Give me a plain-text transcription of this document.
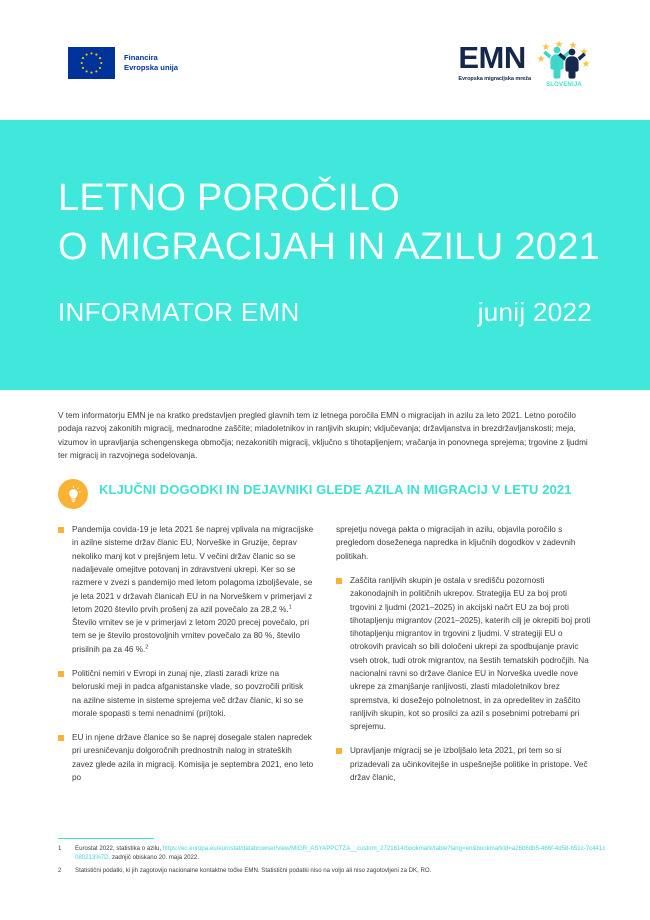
Financira
Evropska unija	EMN
Evropska migracijska mreža
SLOVENIJA
LETNO POROČILO
O MIGRACIJAH IN AZILU 2021
INFORMATOR EMN	junij 2022

V tem informatorju EMN je na kratko predstavljen pregled glavnih tem iz letnega poročila EMN o migracijah in azilu za leto 2021. Letno poročilo podaja razvoj zakonitih migracij, mednarodne zaščite; mladoletnikov in ranljivih skupin; vključevanja; državljanstva in brezdržavljanskosti; meja, vizumov in upravljanja schengenskega območja; nezakonitih migracij, vključno s tihotapljenjem; vračanja in ponovnega sprejema; trgovine z ljudmi ter migracij in razvojnega sodelovanja.

KLJUČNI DOGODKI IN DEJAVNIKI GLEDE AZILA IN MIGRACIJ V LETU 2021
Pandemija covida-19 je leta 2021 še naprej vplivala na migracijske in azilne sisteme držav članic EU, Norveške in Gruzije, čeprav nekoliko manj kot v prejšnjem letu. V večini držav članic so se nadaljevale omejitve potovanj in zdravstveni ukrepi. Ker so se razmere v zvezi s pandemijo med letom polagoma izboljševale, se je leta 2021 v državah članicah EU in na Norveškem v primerjavi z letom 2020 število prvih prošenj za azil povečalo za 28,2 %.$^1$ Število vrnitev se je v primerjavi z letom 2020 precej povečalo, pri tem se je število prostovoljnih vrnitev povečalo za 80 %, število prisilnih pa za 46 %.$^2$
Politični nemiri v Evropi in zunaj nje, zlasti zaradi krize na beloruski meji in padca afganistanske vlade, so povzročili pritisk na azilne sisteme in sisteme sprejema več držav članic, ki so se morale spopasti s temi nenadnimi (pri)toki.
EU in njene države članice so še naprej dosegale stalen napredek pri uresničevanju dolgoročnih prednostnih nalog in strateških zavez glede azila in migracij. Komisija je septembra 2021, eno leto po
sprejetju novega pakta o migracijah in azilu, objavila poročilo s pregledom doseženega napredka in ključnih dogodkov v zadevnih politikah.
Zaščita ranljivih skupin je ostala v središču pozornosti zakonodajnih in političnih ukrepov. Strategija EU za boj proti trgovini z ljudmi (2021–2025) in akcijski načrt EU za boj proti tihotapljenju migrantov (2021–2025), katerih cilj je okrepiti boj proti tihotapljenju migrantov in trgovini z ljudmi. V strategiji EU o otrokovih pravicah so bili določeni ukrepi za spodbujanje pravic vseh otrok, tudi otrok migrantov, na šestih tematskih področjih. Na nacionalni ravni so države članice EU in Norveška uvedle nove ukrepe za zmanjšanje ranljivosti, zlasti mladoletnikov brez spremstva, ki dosežejo polnoletnost, in za opredelitev in zaščito ranljivih skupin, kot so prosilci za azil s posebnimi potrebami pri sprejemu.
Upravljanje migracij se je izboljšalo leta 2021, pri tem so si prizadevali za učinkovitejše in uspešnejše politike in pristope. Več držav članic,
1	Eurostat 2022, statistika o azilu, https://ec.europa.eu/eurostat/databrowser/view/MIGR_ASYAPPCTZA__custom_2721614/bookmark/table?lang=en&bookmarkId=a26b6db5-466f-4d58-b51c-7c441c080213%7D, zadnjič obiskano 20. maja 2022.
2	Statistični podatki, ki jih zagotovijo nacionalne kontaktne točke EMN. Statistični podatki niso na voljo ali niso zagotovljeni za DK, RO.
